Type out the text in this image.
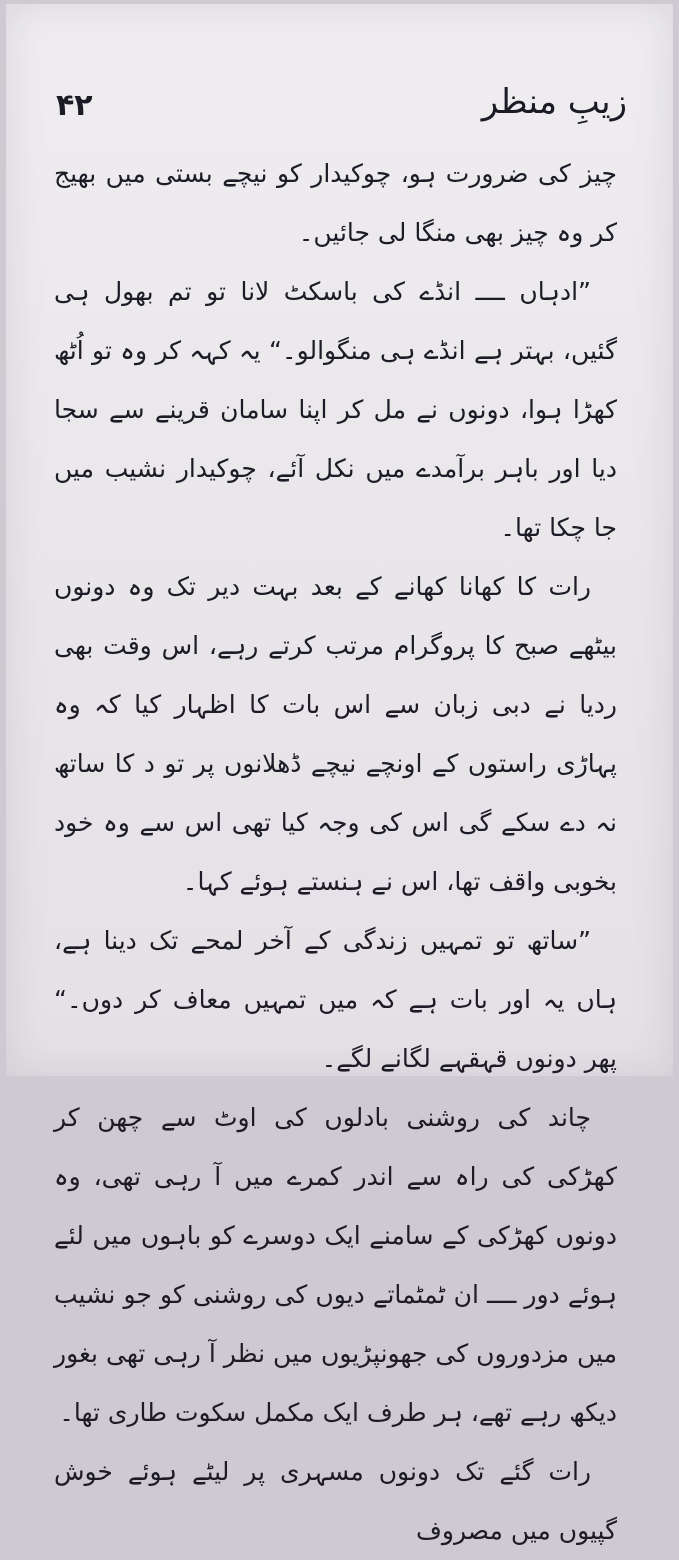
۴۲	زیبِ منظر

چیز کی ضرورت ہو، چوکیدار کو نیچے بستی میں بھیج کر وہ چیز بھی منگا لی جائیں۔

”ادہاں ــــ انڈے کی باسکٹ لانا تو تم بھول ہی گئیں، بہتر ہے انڈے ہی منگوالو۔“ یہ کہہ کر وہ تو اُٹھ کھڑا ہوا، دونوں نے مل کر اپنا سامان قرینے سے سجا دیا اور باہر برآمدے میں نکل آئے، چوکیدار نشیب میں جا چکا تھا۔

رات کا کھانا کھانے کے بعد بہت دیر تک وہ دونوں بیٹھے صبح کا پروگرام مرتب کرتے رہے، اس وقت بھی ردیا نے دبی زبان سے اس بات کا اظہار کیا کہ وہ پہاڑی راستوں کے اونچے نیچے ڈھلانوں پر تو د کا ساتھ نہ دے سکے گی اس کی وجہ کیا تھی اس سے وہ خود بخوبی واقف تھا، اس نے ہنستے ہوئے کہا۔

”ساتھ تو تمہیں زندگی کے آخر لمحے تک دینا ہے، ہاں یہ اور بات ہے کہ میں تمہیں معاف کر دوں۔“ پھر دونوں قہقہے لگانے لگے۔

چاند کی روشنی بادلوں کی اوٹ سے چھن کر کھڑکی کی راہ سے اندر کمرے میں آ رہی تھی، وہ دونوں کھڑکی کے سامنے ایک دوسرے کو باہوں میں لئے ہوئے دور ــــ ان ٹمٹماتے دیوں کی روشنی کو جو نشیب میں مزدوروں کی جھونپڑیوں میں نظر آ رہی تھی بغور دیکھ رہے تھے، ہر طرف ایک مکمل سکوت طاری تھا۔

رات گئے تک دونوں مسہری پر لیٹے ہوئے خوش گپیوں میں مصروف
